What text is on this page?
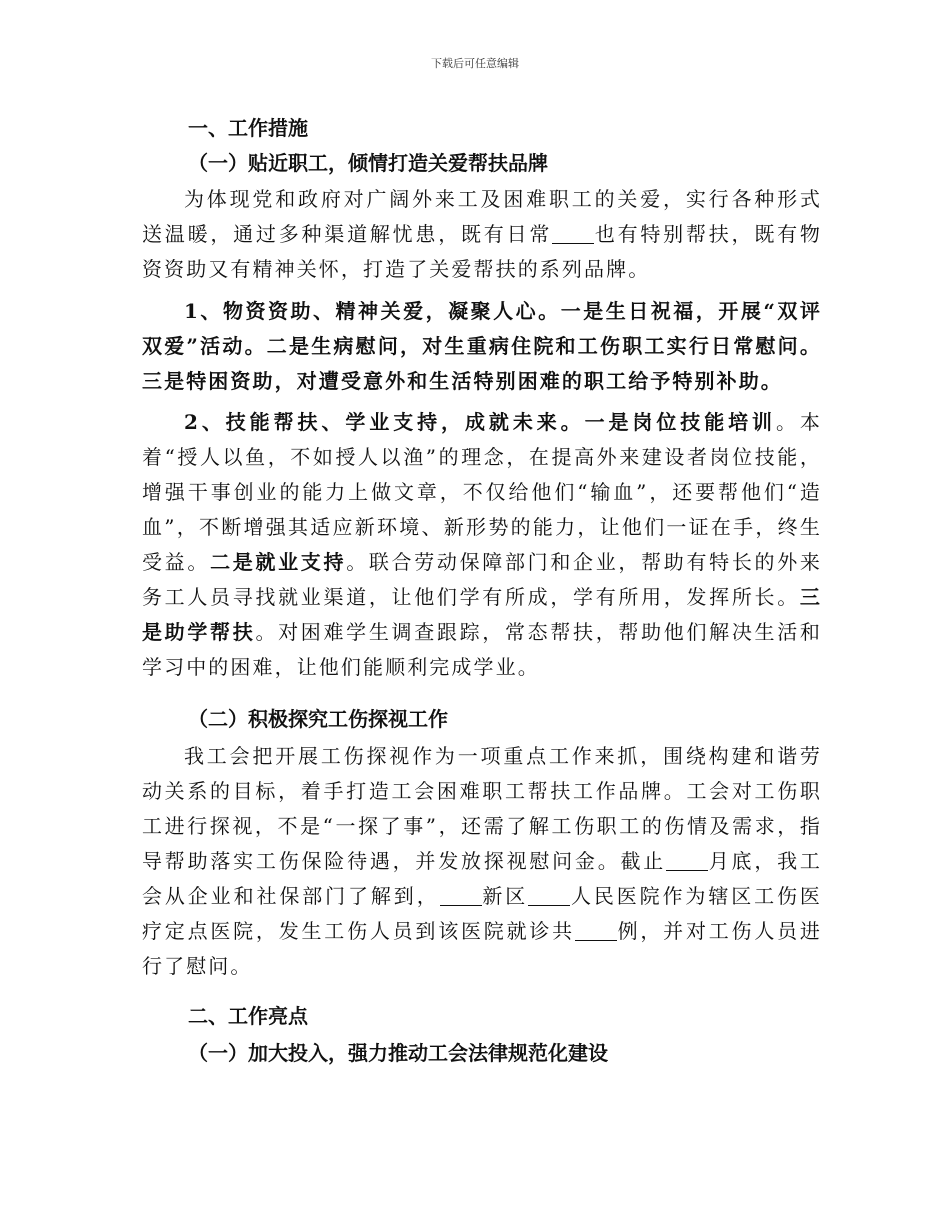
下载后可任意编辑
一、工作措施
（一）贴近职工，倾情打造关爱帮扶品牌

为体现党和政府对广阔外来工及困难职工的关爱，实行各种形式送温暖，通过多种渠道解忧患，既有日常 也有特别帮扶，既有物资资助又有精神关怀，打造了关爱帮扶的系列品牌。

1、物资资助、精神关爱，凝聚人心。一是生日祝福，开展“双评双爱”活动。二是生病慰问，对生重病住院和工伤职工实行日常慰问。三是特困资助，对遭受意外和生活特别困难的职工给予特别补助。

2、技能帮扶、学业支持，成就未来。一是岗位技能培训。本着“授人以鱼，不如授人以渔”的理念，在提高外来建设者岗位技能，增强干事创业的能力上做文章，不仅给他们“输血”，还要帮他们“造血”，不断增强其适应新环境、新形势的能力，让他们一证在手，终生受益。二是就业支持。联合劳动保障部门和企业，帮助有特长的外来务工人员寻找就业渠道，让他们学有所成，学有所用，发挥所长。三是助学帮扶。对困难学生调查跟踪，常态帮扶，帮助他们解决生活和学习中的困难，让他们能顺利完成学业。

（二）积极探究工伤探视工作

我工会把开展工伤探视作为一项重点工作来抓，围绕构建和谐劳动关系的目标，着手打造工会困难职工帮扶工作品牌。工会对工伤职工进行探视，不是“一探了事”，还需了解工伤职工的伤情及需求，指导帮助落实工伤保险待遇，并发放探视慰问金。截止 月底，我工会从企业和社保部门了解到， 新区 人民医院作为辖区工伤医疗定点医院，发生工伤人员到该医院就诊共 例，并对工伤人员进行了慰问。

二、工作亮点
（一）加大投入，强力推动工会法律规范化建设
